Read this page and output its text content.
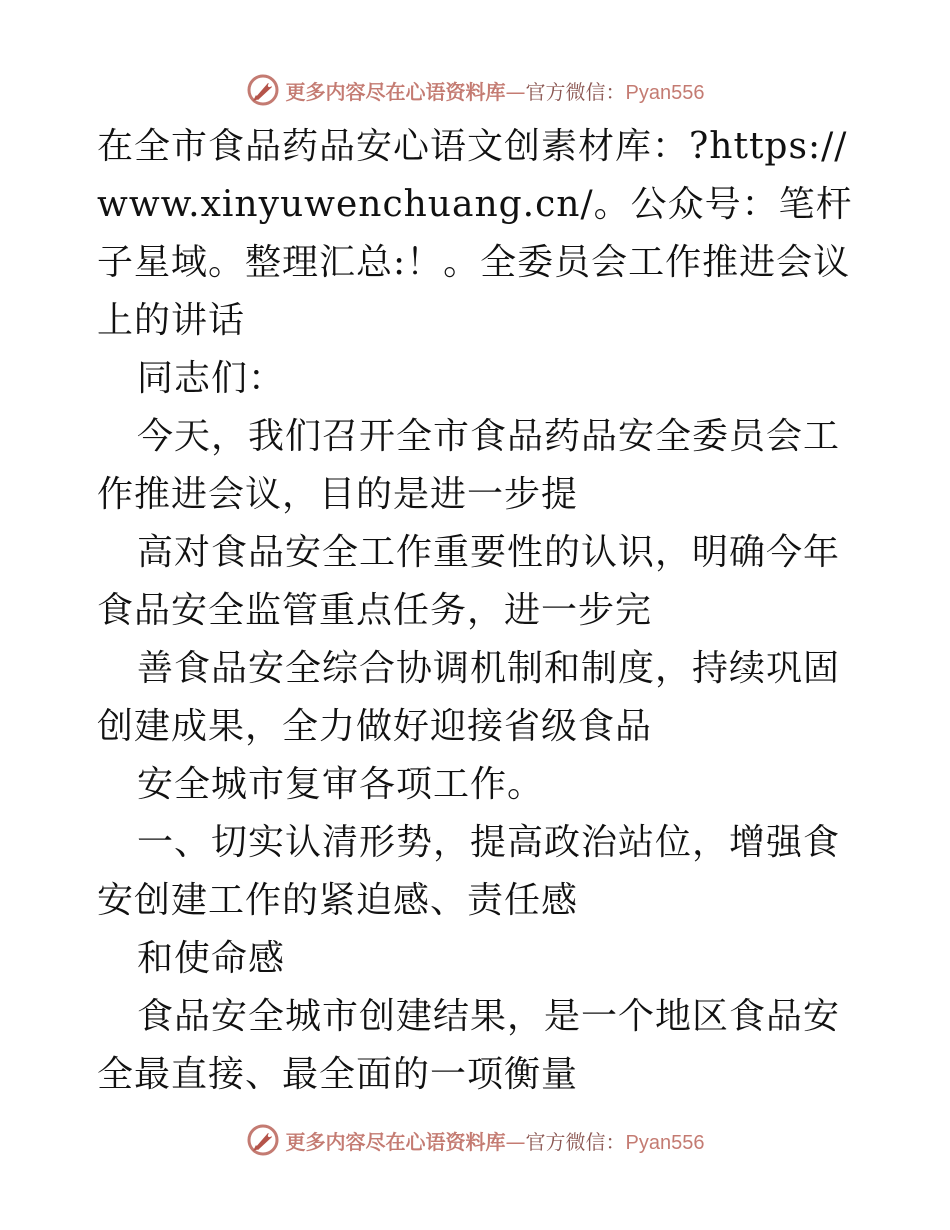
更多内容尽在心语资料库 — 官方微信： Pyan556

在全市食品药品安心语文创素材库：?https://www.xinyuwenchuang.cn/。公众号：笔杆子星域。整理汇总:！。全委员会工作推进会议上的讲话

同志们：

今天，我们召开全市食品药品安全委员会工作推进会议，目的是进一步提

高对食品安全工作重要性的认识，明确今年食品安全监管重点任务，进一步完

善食品安全综合协调机制和制度，持续巩固创建成果，全力做好迎接省级食品

安全城市复审各项工作。

一、切实认清形势，提高政治站位，增强食安创建工作的紧迫感、责任感

和使命感

食品安全城市创建结果，是一个地区食品安全最直接、最全面的一项衡量

更多内容尽在心语资料库 — 官方微信： Pyan556
